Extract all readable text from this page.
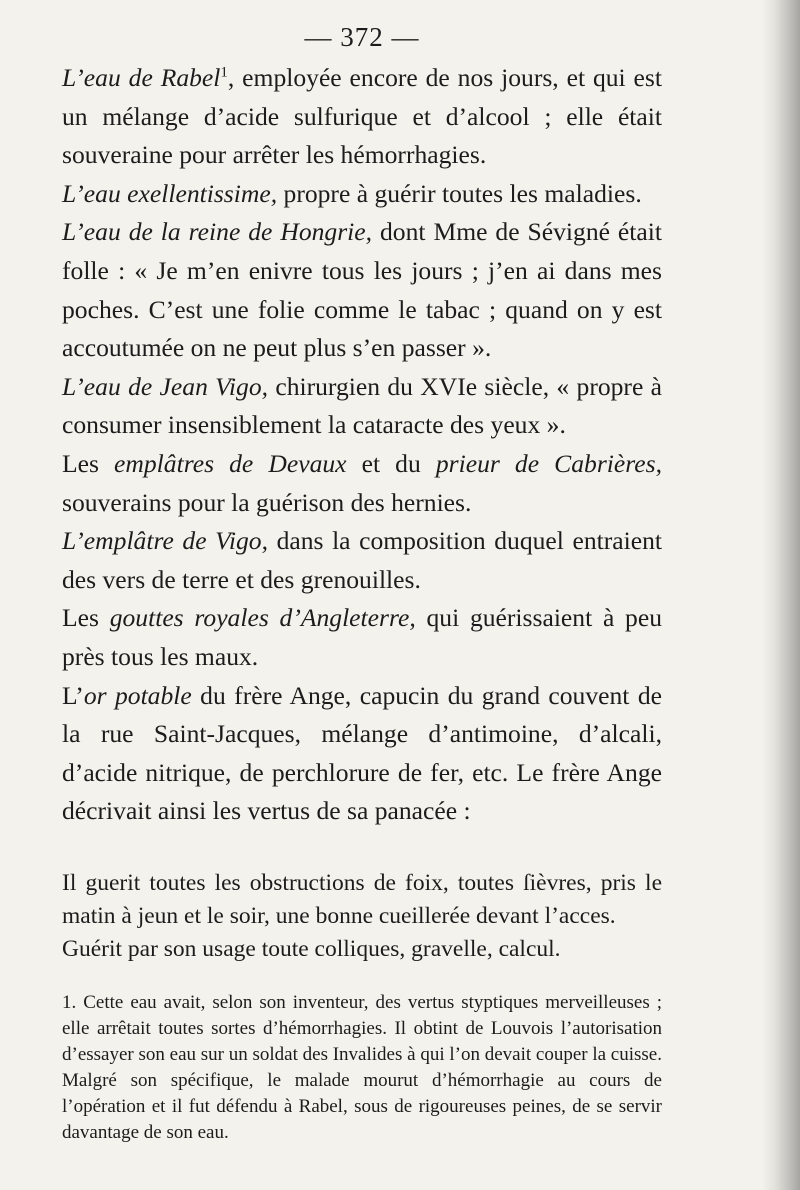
— 372 —

L’eau de Rabel$^1$, employée encore de nos jours, et qui est un mélange d’acide sulfurique et d’alcool ; elle était souveraine pour arrêter les hémorrhagies.

L’eau exellentissime, propre à guérir toutes les maladies.

L’eau de la reine de Hongrie, dont Mme de Sévigné était folle : « Je m’en enivre tous les jours ; j’en ai dans mes poches. C’est une folie comme le tabac ; quand on y est accoutumée on ne peut plus s’en passer ».

L’eau de Jean Vigo, chirurgien du XVIe siècle, « propre à consumer insensiblement la cataracte des yeux ».

Les emplâtres de Devaux et du prieur de Cabrières, souverains pour la guérison des hernies.

L’emplâtre de Vigo, dans la composition duquel entraient des vers de terre et des grenouilles.

Les gouttes royales d’Angleterre, qui guérissaient à peu près tous les maux.

L’or potable du frère Ange, capucin du grand couvent de la rue Saint-Jacques, mélange d’antimoine, d’alcali, d’acide nitrique, de perchlorure de fer, etc. Le frère Ange décrivait ainsi les vertus de sa panacée :

Il guerit toutes les obstructions de foix, toutes ſièvres, pris le matin à jeun et le soir, une bonne cueillerée devant l’acces.

Guérit par son usage toute colliques, gravelle, calcul.

1. Cette eau avait, selon son inventeur, des vertus styptiques merveilleuses ; elle arrêtait toutes sortes d’hémorrhagies. Il obtint de Louvois l’autorisation d’essayer son eau sur un soldat des Invalides à qui l’on devait couper la cuisse. Malgré son spécifique, le malade mourut d’hémorrhagie au cours de l’opération et il fut défendu à Rabel, sous de rigoureuses peines, de se servir davantage de son eau.
